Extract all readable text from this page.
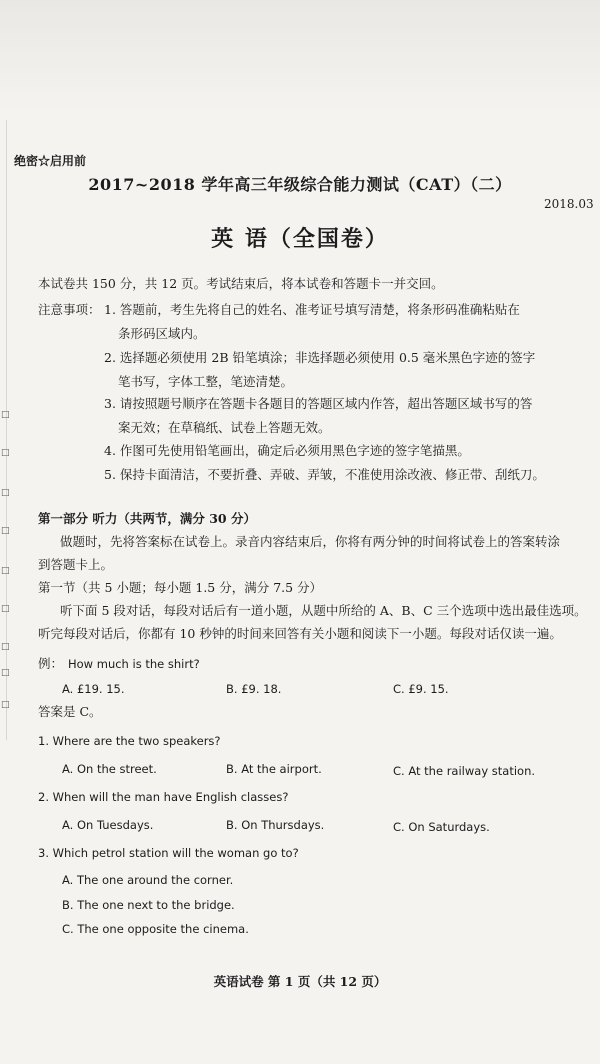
□
□
□
□
□
□
□
□
□
绝密☆启用前
2017~2018 学年高三年级综合能力测试（CAT）（二）
2018.03
英 语（全国卷）
本试卷共 150 分，共 12 页。考试结束后，将本试卷和答题卡一并交回。
注意事项： 1. 答题前，考生先将自己的姓名、准考证号填写清楚，将条形码准确粘贴在
条形码区域内。
2. 选择题必须使用 2B 铅笔填涂；非选择题必须使用 0.5 毫米黑色字迹的签字
笔书写，字体工整，笔迹清楚。
3. 请按照题号顺序在答题卡各题目的答题区域内作答，超出答题区域书写的答
案无效；在草稿纸、试卷上答题无效。
4. 作图可先使用铅笔画出，确定后必须用黑色字迹的签字笔描黑。
5. 保持卡面清洁，不要折叠、弄破、弄皱，不准使用涂改液、修正带、刮纸刀。
第一部分 听力（共两节，满分 30 分）
做题时，先将答案标在试卷上。录音内容结束后，你将有两分钟的时间将试卷上的答案转涂
到答题卡上。
第一节（共 5 小题；每小题 1.5 分，满分 7.5 分）
听下面 5 段对话，每段对话后有一道小题，从题中所给的 A、B、C 三个选项中选出最佳选项。
听完每段对话后，你都有 10 秒钟的时间来回答有关小题和阅读下一小题。每段对话仅读一遍。
例： How much is the shirt?
A. £19. 15.	B. £9. 18.	C. £9. 15.
答案是 C。
1. Where are the two speakers?
A. On the street.	B. At the airport.	C. At the railway station.
2. When will the man have English classes?
A. On Tuesdays.	B. On Thursdays.	C. On Saturdays.
3. Which petrol station will the woman go to?
A. The one around the corner.
B. The one next to the bridge.
C. The one opposite the cinema.
英语试卷 第 1 页（共 12 页）
